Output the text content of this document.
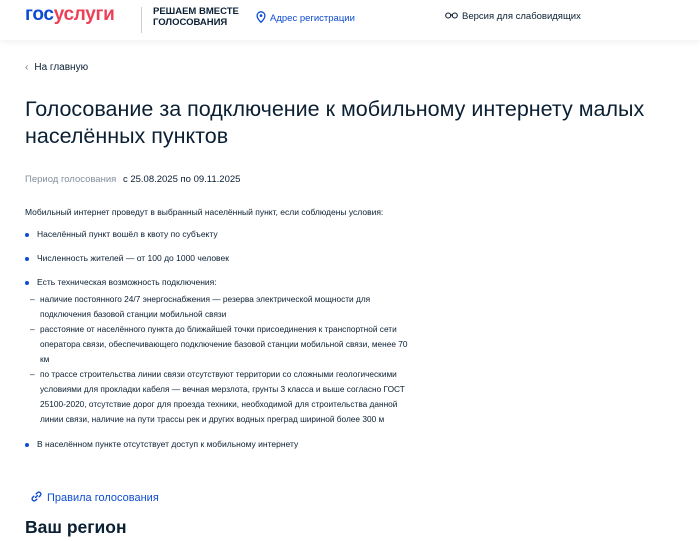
госуслуги	РЕШАЕМ ВМЕСТЕ
ГОЛОСОВАНИЯ	Адрес регистрации	Версия для слабовидящих
‹ На главную
Голосование за подключение к мобильному интернету малых населённых пунктов
Период голосования с 25.08.2025 по 09.11.2025

Мобильный интернет проведут в выбранный населённый пункт, если соблюдены условия:

Населённый пункт вошёл в квоту по субъекту
Численность жителей — от 100 до 1000 человек
Есть техническая возможность подключения:
– наличие постоянного 24/7 энергоснабжения — резерва электрической мощности для подключения базовой станции мобильной связи
– расстояние от населённого пункта до ближайшей точки присоединения к транспортной сети оператора связи, обеспечивающего подключение базовой станции мобильной связи, менее 70 км
– по трассе строительства линии связи отсутствуют территории со сложными геологическими условиями для прокладки кабеля — вечная мерзлота, грунты 3 класса и выше согласно ГОСТ 25100-2020, отсутствие дорог для проезда техники, необходимой для строительства данной линии связи, наличие на пути трассы рек и других водных преград шириной более 300 м
В населённом пункте отсутствует доступ к мобильному интернету
Правила голосования
Ваш регион
